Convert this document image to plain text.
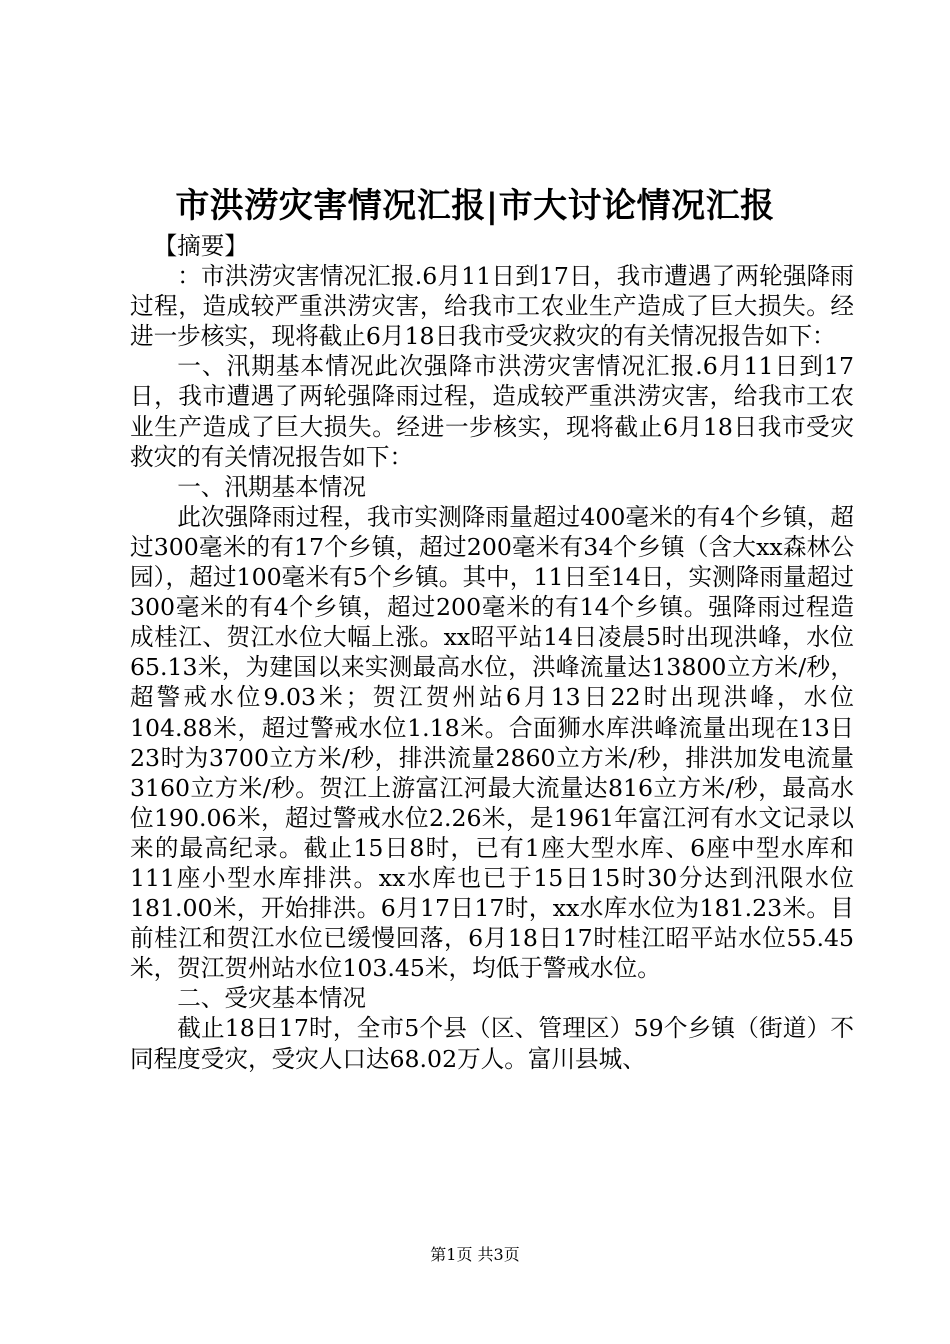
市洪涝灾害情况汇报|市大讨论情况汇报

【摘要】

：市洪涝灾害情况汇报.6月11日到17日，我市遭遇了两轮强降雨过程，造成较严重洪涝灾害，给我市工农业生产造成了巨大损失。经进一步核实，现将截止6月18日我市受灾救灾的有关情况报告如下：

一、汛期基本情况此次强降市洪涝灾害情况汇报.6月11日到17日，我市遭遇了两轮强降雨过程，造成较严重洪涝灾害，给我市工农业生产造成了巨大损失。经进一步核实，现将截止6月18日我市受灾救灾的有关情况报告如下：

一、汛期基本情况

此次强降雨过程，我市实测降雨量超过400毫米的有4个乡镇，超过300毫米的有17个乡镇，超过200毫米有34个乡镇（含大xx森林公园），超过100毫米有5个乡镇。其中，11日至14日，实测降雨量超过300毫米的有4个乡镇，超过200毫米的有14个乡镇。强降雨过程造成桂江、贺江水位大幅上涨。xx昭平站14日凌晨5时出现洪峰，水位65.13米，为建国以来实测最高水位，洪峰流量达13800立方米/秒，超警戒水位9.03米；贺江贺州站6月13日22时出现洪峰，水位104.88米，超过警戒水位1.18米。合面狮水库洪峰流量出现在13日23时为3700立方米/秒，排洪流量2860立方米/秒，排洪加发电流量3160立方米/秒。贺江上游富江河最大流量达816立方米/秒，最高水位190.06米，超过警戒水位2.26米，是1961年富江河有水文记录以来的最高纪录。截止15日8时，已有1座大型水库、6座中型水库和111座小型水库排洪。xx水库也已于15日15时30分达到汛限水位181.00米，开始排洪。6月17日17时，xx水库水位为181.23米。目前桂江和贺江水位已缓慢回落，6月18日17时桂江昭平站水位55.45米，贺江贺州站水位103.45米，均低于警戒水位。

二、受灾基本情况

截止18日17时，全市5个县（区、管理区）59个乡镇（街道）不同程度受灾，受灾人口达68.02万人。富川县城、

第1页 共3页
